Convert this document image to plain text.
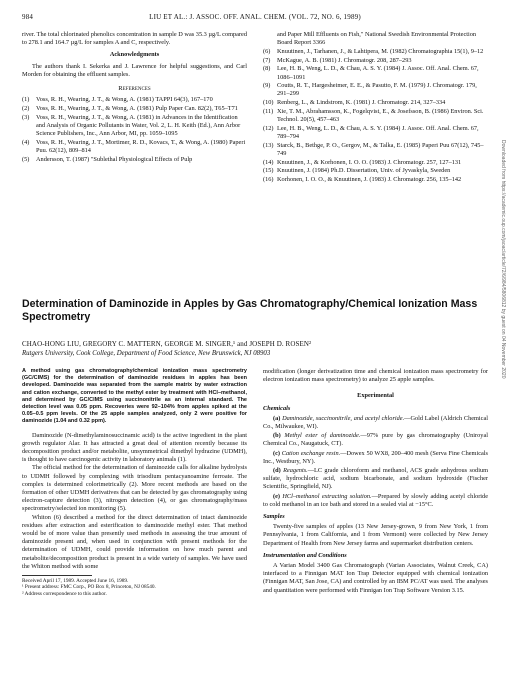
984	LIU ET AL.: J. ASSOC. OFF. ANAL. CHEM. (VOL. 72, NO. 6, 1989)

river. The total chlorinated phenolics concentration in sample D was 35.3 µg/L compared to 278.1 and 164.7 µg/L for samples A and C, respectively.

Acknowledgments

The authors thank I. Sekerka and J. Lawrence for helpful suggestions, and Carl Morden for obtaining the effluent samples.

References
(1)	Voss, R. H., Wearing, J. T., & Wong, A. (1981) TAPPI 64(3), 167–170
(2)	Voss, R. H., Wearing, J. T., & Wong, A. (1981) Pulp Paper Can. 82(2), T65–T71
(3)	Voss, R. H., Wearing, J. T., & Wong, A. (1981) in Advances in the Identification and Analysis of Organic Pollutants in Water, Vol. 2, L. H. Keith (Ed.), Ann Arbor Science Publishers, Inc., Ann Arbor, MI, pp. 1059–1095
(4)	Voss, R. H., Wearing, J. T., Mortimer, R. D., Kovacs, T., & Wong, A. (1980) Paperi Puu. 62(12), 809–814
(5)	Andersson, T. (1987) "Sublethal Physiological Effects of Pulp
and Paper Mill Effluents on Fish," National Swedish Environmental Protection Board Report 3366
(6)	Knuutinen, J., Tarhanen, J., & Lahtipera, M. (1982) Chromatographia 15(1), 9–12
(7)	McKague, A. B. (1981) J. Chromatogr. 208, 287–293
(8)	Lee, H. B., Weng, L. D., & Chau, A. S. Y. (1984) J. Assoc. Off. Anal. Chem. 67, 1086–1091
(9)	Coutts, R. T., Hargesheimer, E. E., & Pasutto, F. M. (1979) J. Chromatogr. 179, 291–299
(10) Renberg, L., & Lindstrom, K. (1981) J. Chromatogr. 214, 327–334
(11) Xie, T. M., Abrahamsson, K., Fogelqvist, E., & Josefsson, B. (1986) Environ. Sci. Technol. 20(5), 457–463
(12) Lee, H. B., Weng, L. D., & Chau, A. S. Y. (1984) J. Assoc. Off. Anal. Chem. 67, 789–794
(13) Starck, B., Bethge, P. O., Gergov, M., & Talka, E. (1985) Paperi Puu 67(12), 745–749
(14) Knuutinen, J., & Korhonen, I. O. O. (1983) J. Chromatogr. 257, 127–131
(15) Knuutinen, J. (1984) Ph.D. Dissertation, Univ. of Jyvaskyla, Sweden
(16) Korhonen, I. O. O., & Knuutinen, J. (1983) J. Chromatogr. 256, 135–142
Determination of Daminozide in Apples by Gas Chromatography/Chemical Ionization Mass Spectrometry
CHAO-HONG LIU, GREGORY C. MATTERN, GEORGE M. SINGER,¹ and JOSEPH D. ROSEN²
Rutgers University, Cook College, Department of Food Science, New Brunswick, NJ 08903

A method using gas chromatography/chemical ionization mass spectrometry (GC/CIMS) for the determination of daminozide residues in apples has been developed. Daminozide was separated from the sample matrix by water extraction and cation exchange, converted to the methyl ester by treatment with HCl–methanol, and determined by GC/CIMS using succinonitrile as an internal standard. The detection level was 0.05 ppm. Recoveries were 92–104% from apples spiked at the 0.05–0.5 ppm levels. Of the 25 apple samples analyzed, only 2 were positive for daminozide (1.04 and 0.32 ppm).

Daminozide (N-dimethylaminosuccinamic acid) is the active ingredient in the plant growth regulator Alar. It has attracted a great deal of attention recently because its decomposition product and/or metabolite, unsymmetrical dimethyl hydrazine (UDMH), is thought to have carcinogenic activity in laboratory animals (1).

The official method for the determination of daminozide calls for alkaline hydrolysis to UDMH followed by complexing with trisodium pentacyanoamine ferroate. The complex is determined colorimetrically (2). More recent methods are based on the formation of other UDMH derivatives that can be detected by gas chromatography using electron-capture detection (3), nitrogen detection (4), or gas chromatography/mass spectrometry/selected ion monitoring (5).

Whiton (6) described a method for the direct determination of intact daminozide residues after extraction and esterification to daminozide methyl ester. That method would be of more value than presently used methods in assessing the true amount of daminozide present and, when used in conjunction with present methods for the determination of UDMH, could provide information on how much parent and metabolite/decomposition product is present in a wide variety of samples. We have used the Whiton method with some

Received April 17, 1989. Accepted June 16, 1989.
¹ Present address: FMC Corp., PO Box 8, Princeton, NJ 08540.
² Address correspondence to this author.

modification (longer derivatization time and chemical ionization mass spectrometry for electron ionization mass spectrometry) to analyze 25 apple samples.

Experimental
Chemicals

(a) Daminozide, succinonitrile, and acetyl chloride.—Gold Label (Aldrich Chemical Co., Milwaukee, WI).

(b) Methyl ester of daminozide.—97% pure by gas chromatography (Uniroyal Chemical Co., Naugatuck, CT).

(c) Cation exchange resin.—Dowex 50 WX8, 200–400 mesh (Serva Fine Chemicals Inc., Westbury, NY).

(d) Reagents.—LC grade chloroform and methanol, ACS grade anhydrous sodium sulfate, hydrochloric acid, sodium bicarbonate, and sodium hydroxide (Fischer Scientific, Springfield, NJ).

(e) HCl–methanol extracting solution.—Prepared by slowly adding acetyl chloride to cold methanol in an ice bath and stored in a sealed vial at −15°C.

Samples

Twenty-five samples of apples (13 New Jersey-grown, 9 from New York, 1 from Pennsylvania, 1 from California, and 1 from Vermont) were collected by New Jersey Department of Health from New Jersey farms and supermarket distribution centers.

Instrumentation and Conditions

A Varian Model 3400 Gas Chromatograph (Varian Associates, Walnut Creek, CA) interfaced to a Finnigan MAT Ion Trap Detector equipped with chemical ionization (Finnigan MAT, San Jose, CA) and controlled by an IBM PC/AT was used. The analyses and quantitation were performed with Finnigan Ion Trap Software Version 3.15.

Downloaded from https://academic.oup.com/jaoac/article/72/6/984/5806812 by guest on 04 November 2020
